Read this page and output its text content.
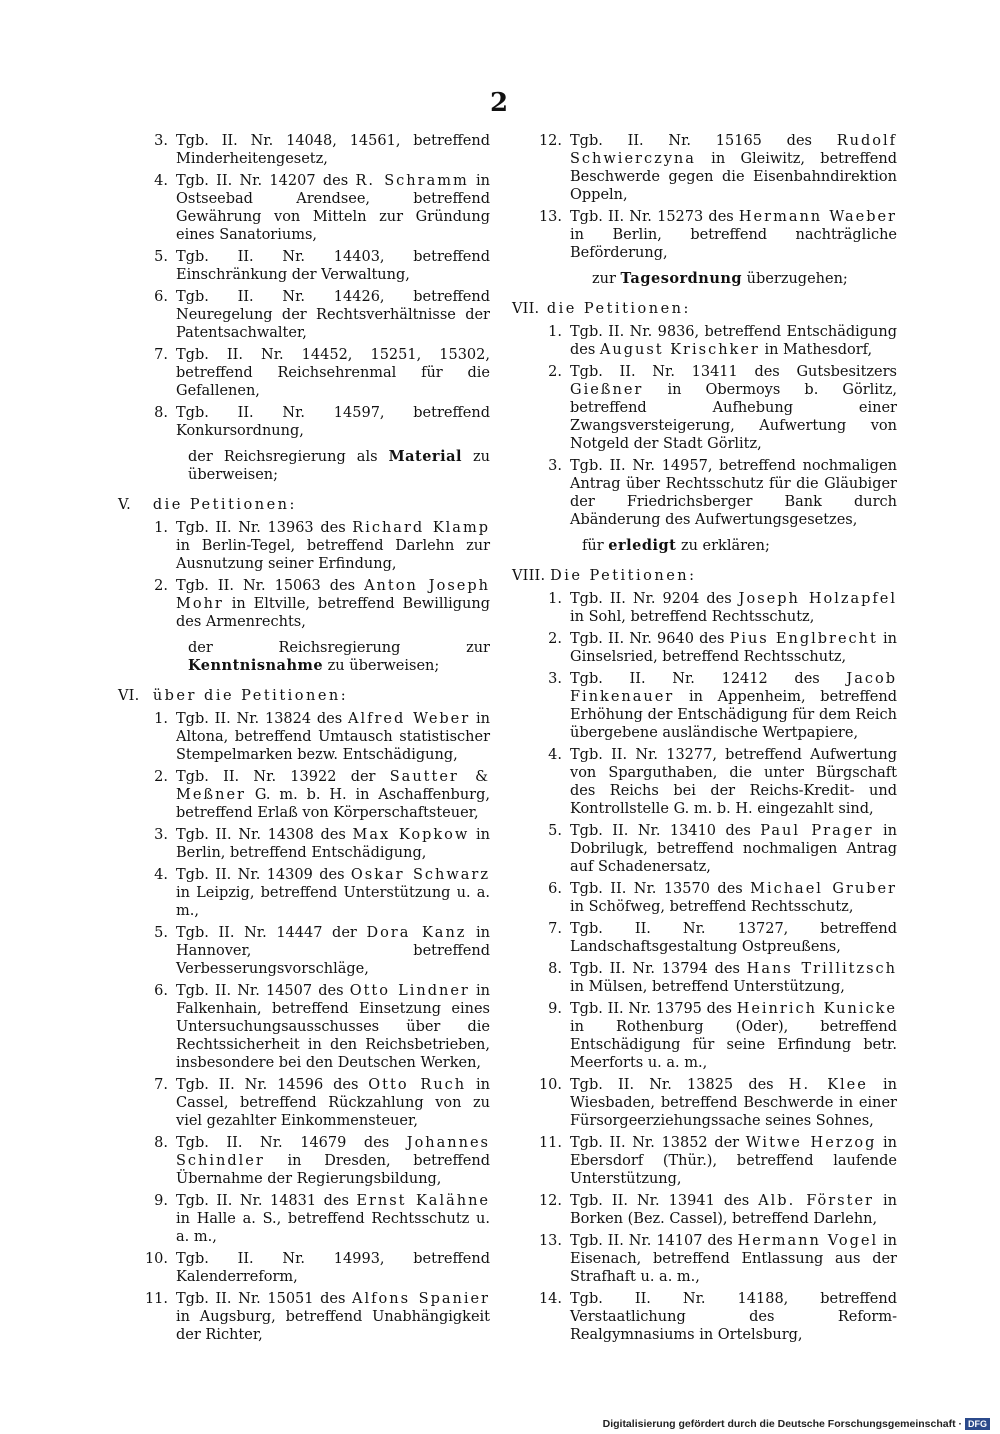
2
3. Tgb. II. Nr. 14048, 14561, betreffend Minderheitengesetz,
4. Tgb. II. Nr. 14207 des R. Schramm in Ostseebad Arendsee, betreffend Gewährung von Mitteln zur Gründung eines Sanatoriums,
5. Tgb. II. Nr. 14403, betreffend Einschränkung der Verwaltung,
6. Tgb. II. Nr. 14426, betreffend Neuregelung der Rechtsverhältnisse der Patentsachwalter,
7. Tgb. II. Nr. 14452, 15251, 15302, betreffend Reichsehrenmal für die Gefallenen,
8. Tgb. II. Nr. 14597, betreffend Konkursordnung,
der Reichsregierung als Material zu überweisen;
V. die Petitionen:
1. Tgb. II. Nr. 13963 des Richard Klamp in Berlin-Tegel, betreffend Darlehn zur Ausnutzung seiner Erfindung,
2. Tgb. II. Nr. 15063 des Anton Joseph Mohr in Eltville, betreffend Bewilligung des Armenrechts,
der Reichsregierung zur Kenntnisnahme zu überweisen;
VI. über die Petitionen:
1. Tgb. II. Nr. 13824 des Alfred Weber in Altona, betreffend Umtausch statistischer Stempelmarken bezw. Entschädigung,
2. Tgb. II. Nr. 13922 der Sautter & Meßner G. m. b. H. in Aschaffenburg, betreffend Erlaß von Körperschaftsteuer,
3. Tgb. II. Nr. 14308 des Max Kopkow in Berlin, betreffend Entschädigung,
4. Tgb. II. Nr. 14309 des Oskar Schwarz in Leipzig, betreffend Unterstützung u. a. m.,
5. Tgb. II. Nr. 14447 der Dora Kanz in Hannover, betreffend Verbesserungsvorschläge,
6. Tgb. II. Nr. 14507 des Otto Lindner in Falkenhain, betreffend Einsetzung eines Untersuchungsausschusses über die Rechtssicherheit in den Reichsbetrieben, insbesondere bei den Deutschen Werken,
7. Tgb. II. Nr. 14596 des Otto Ruch in Cassel, betreffend Rückzahlung von zu viel gezahlter Einkommensteuer,
8. Tgb. II. Nr. 14679 des Johannes Schindler in Dresden, betreffend Übernahme der Regierungsbildung,
9. Tgb. II. Nr. 14831 des Ernst Kalähne in Halle a. S., betreffend Rechtsschutz u. a. m.,
10. Tgb. II. Nr. 14993, betreffend Kalenderreform,
11. Tgb. II. Nr. 15051 des Alfons Spanier in Augsburg, betreffend Unabhängigkeit der Richter,
12. Tgb. II. Nr. 15165 des Rudolf Schwierczyna in Gleiwitz, betreffend Beschwerde gegen die Eisenbahndirektion Oppeln,
13. Tgb. II. Nr. 15273 des Hermann Waeber in Berlin, betreffend nachträgliche Beförderung,
zur Tagesordnung überzugehen;
VII. die Petitionen:
1. Tgb. II. Nr. 9836, betreffend Entschädigung des August Krischker in Mathesdorf,
2. Tgb. II. Nr. 13411 des Gutsbesitzers Gießner in Obermoys b. Görlitz, betreffend Aufhebung einer Zwangsversteigerung, Aufwertung von Notgeld der Stadt Görlitz,
3. Tgb. II. Nr. 14957, betreffend nochmaligen Antrag über Rechtsschutz für die Gläubiger der Friedrichsberger Bank durch Abänderung des Aufwertungsgesetzes,
für erledigt zu erklären;
VIII. Die Petitionen:
1. Tgb. II. Nr. 9204 des Joseph Holzapfel in Sohl, betreffend Rechtsschutz,
2. Tgb. II. Nr. 9640 des Pius Englbrecht in Ginselsried, betreffend Rechtsschutz,
3. Tgb. II. Nr. 12412 des Jacob Finkenauer in Appenheim, betreffend Erhöhung der Entschädigung für dem Reich übergebene ausländische Wertpapiere,
4. Tgb. II. Nr. 13277, betreffend Aufwertung von Sparguthaben, die unter Bürgschaft des Reichs bei der Reichs-Kredit- und Kontrollstelle G. m. b. H. eingezahlt sind,
5. Tgb. II. Nr. 13410 des Paul Prager in Dobrilugk, betreffend nochmaligen Antrag auf Schadenersatz,
6. Tgb. II. Nr. 13570 des Michael Gruber in Schöfweg, betreffend Rechtsschutz,
7. Tgb. II. Nr. 13727, betreffend Landschaftsgestaltung Ostpreußens,
8. Tgb. II. Nr. 13794 des Hans Trillitzsch in Mülsen, betreffend Unterstützung,
9. Tgb. II. Nr. 13795 des Heinrich Kunicke in Rothenburg (Oder), betreffend Entschädigung für seine Erfindung betr. Meerforts u. a. m.,
10. Tgb. II. Nr. 13825 des H. Klee in Wiesbaden, betreffend Beschwerde in einer Fürsorgeerziehungssache seines Sohnes,
11. Tgb. II. Nr. 13852 der Witwe Herzog in Ebersdorf (Thür.), betreffend laufende Unterstützung,
12. Tgb. II. Nr. 13941 des Alb. Förster in Borken (Bez. Cassel), betreffend Darlehn,
13. Tgb. II. Nr. 14107 des Hermann Vogel in Eisenach, betreffend Entlassung aus der Strafhaft u. a. m.,
14. Tgb. II. Nr. 14188, betreffend Verstaatlichung des Reform-Realgymnasiums in Ortelsburg,
Digitalisierung gefördert durch die Deutsche Forschungsgemeinschaft · DFG
